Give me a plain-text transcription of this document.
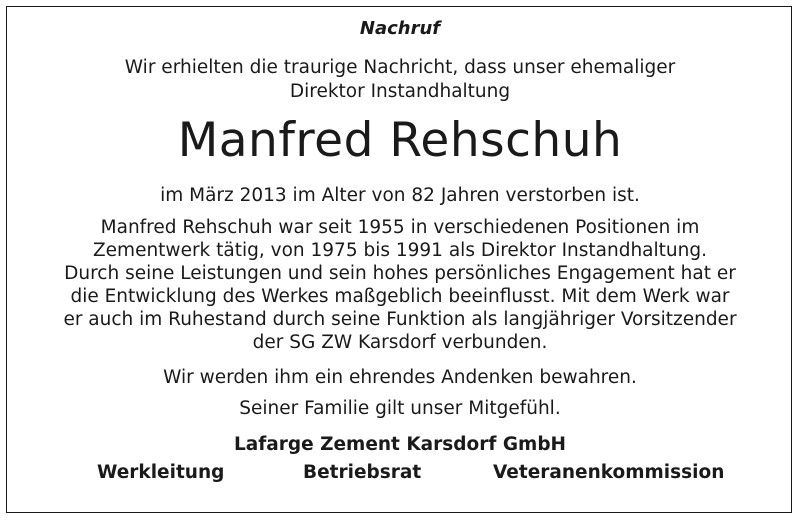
Nachruf
Wir erhielten die traurige Nachricht, dass unser ehemaliger
Direktor Instandhaltung
Manfred Rehschuh
im März 2013 im Alter von 82 Jahren verstorben ist.
Manfred Rehschuh war seit 1955 in verschiedenen Positionen im
Zementwerk tätig, von 1975 bis 1991 als Direktor Instandhaltung.
Durch seine Leistungen und sein hohes persönliches Engagement hat er
die Entwicklung des Werkes maßgeblich beeinflusst. Mit dem Werk war
er auch im Ruhestand durch seine Funktion als langjähriger Vorsitzender
der SG ZW Karsdorf verbunden.
Wir werden ihm ein ehrendes Andenken bewahren.
Seiner Familie gilt unser Mitgefühl.
Lafarge Zement Karsdorf GmbH
Werkleitung	Betriebsrat	Veteranenkommission
